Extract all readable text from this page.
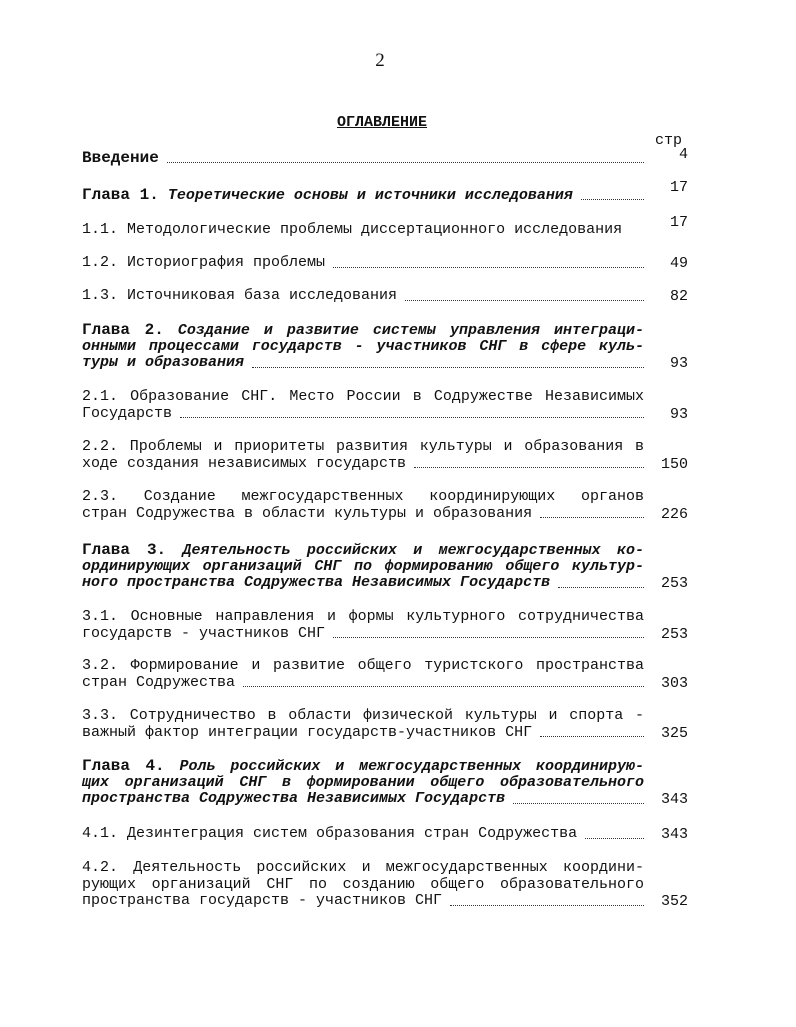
2
ОГЛАВЛЕНИЕ
стр
Введение	4
Глава 1. Теоретические основы и источники исследования	17
1.1. Методологические проблемы диссертационного исследования	17
1.2. Историография проблемы	49
1.3. Источниковая база исследования	82
Глава 2. Создание и развитие системы управления интеграци-
онными процессами государств - участников СНГ в сфере куль-
туры и образования	93
2.1. Образование СНГ. Место России в Содружестве Независимых
Государств	93
2.2. Проблемы и приоритеты развития культуры и образования в
ходе создания независимых государств	150
2.3. Создание межгосударственных координирующих органов
стран Содружества в области культуры и образования	226
Глава 3. Деятельность российских и межгосударственных ко-
ординирующих организаций СНГ по формированию общего культур-
ного пространства Содружества Независимых Государств	253
3.1. Основные направления и формы культурного сотрудничества
государств - участников СНГ	253
3.2. Формирование и развитие общего туристского пространства
стран Содружества	303
3.3. Сотрудничество в области физической культуры и спорта -
важный фактор интеграции государств-участников СНГ	325
Глава 4. Роль российских и межгосударственных координирую-
щих организаций СНГ в формировании общего образовательного
пространства Содружества Независимых Государств	343
4.1. Дезинтеграция систем образования стран Содружества	343
4.2. Деятельность российских и межгосударственных координи-
рующих организаций СНГ по созданию общего образовательного
пространства государств - участников СНГ	352
